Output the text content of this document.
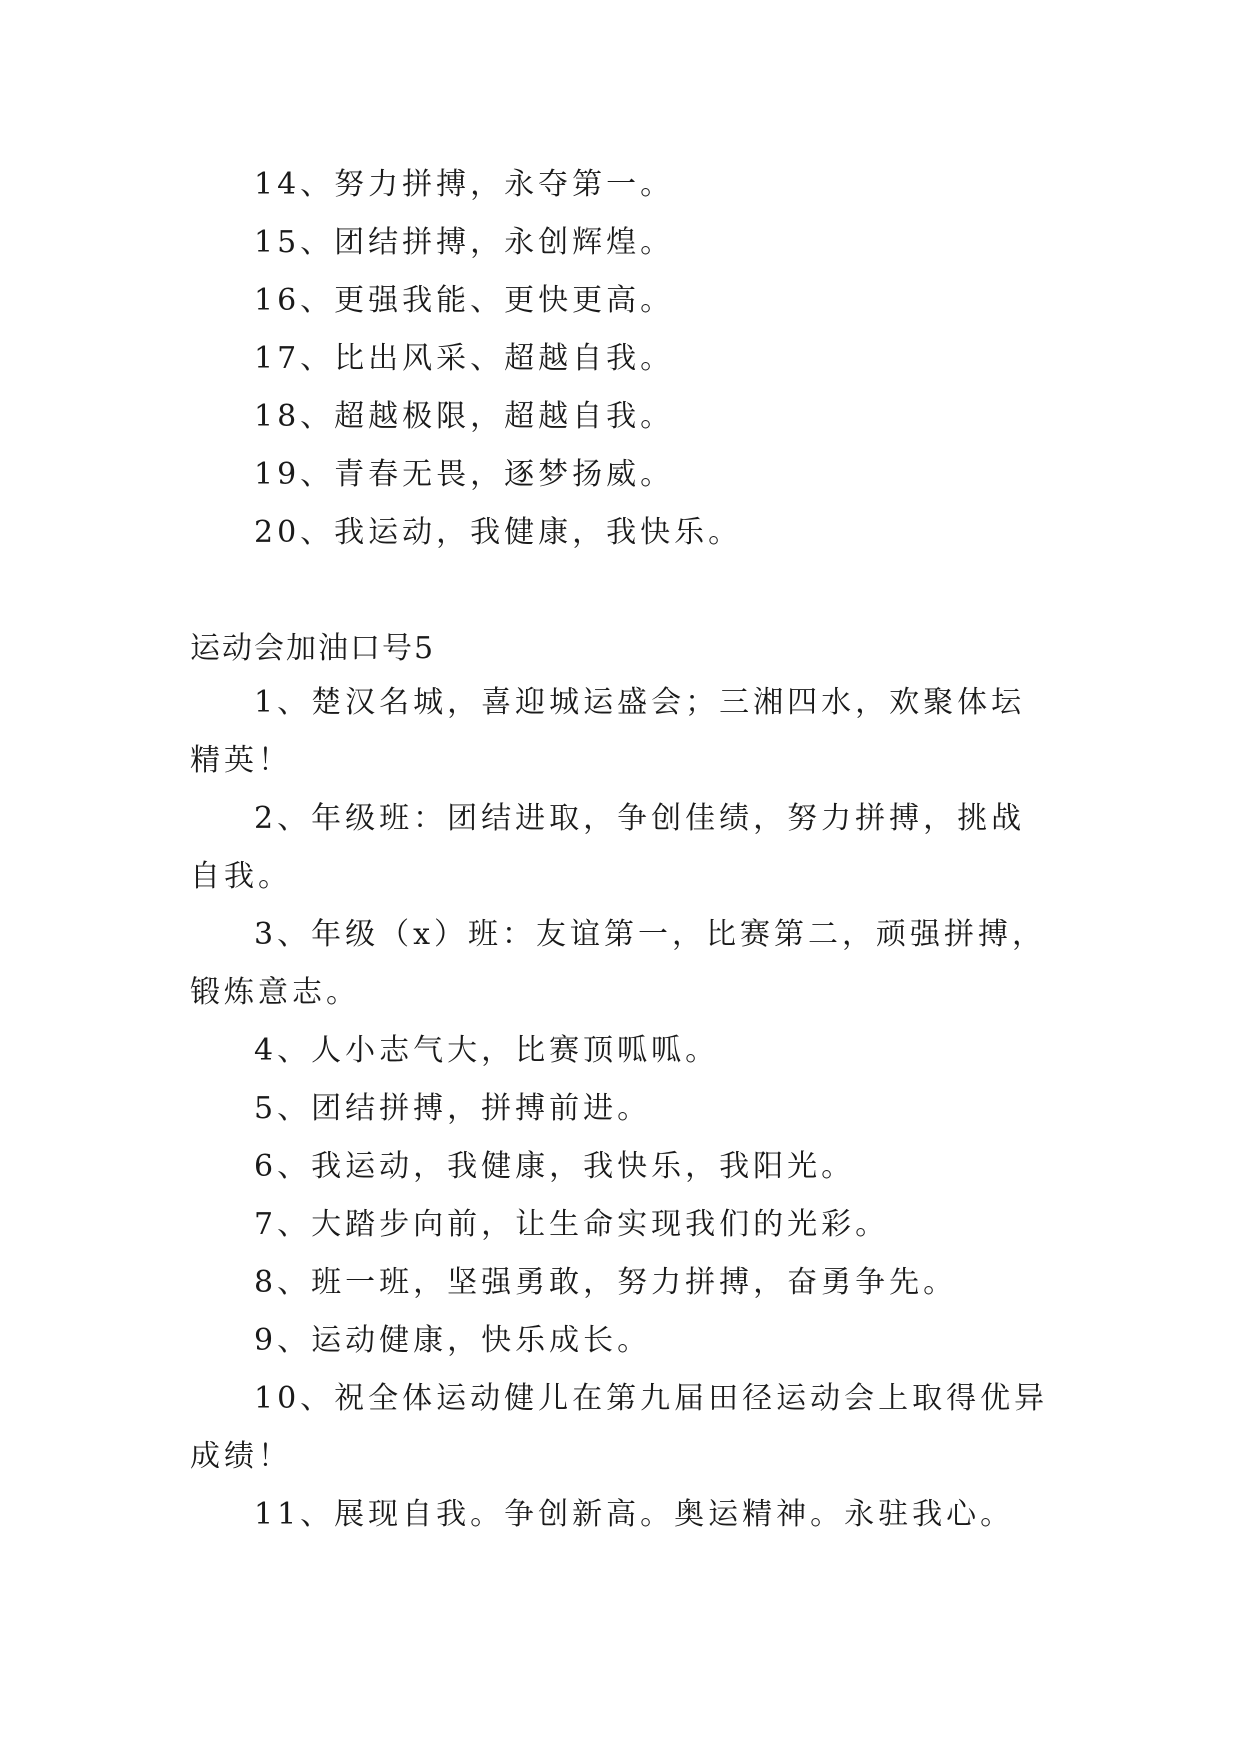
14、努力拼搏，永夺第一。
15、团结拼搏，永创辉煌。
16、更强我能、更快更高。
17、比出风采、超越自我。
18、超越极限，超越自我。
19、青春无畏，逐梦扬威。
20、我运动，我健康，我快乐。
运动会加油口号5
1、楚汉名城，喜迎城运盛会；三湘四水，欢聚体坛精英！
2、年级班：团结进取，争创佳绩，努力拼搏，挑战自我。
3、年级（x）班：友谊第一，比赛第二，顽强拼搏，锻炼意志。
4、人小志气大，比赛顶呱呱。
5、团结拼搏，拼搏前进。
6、我运动，我健康，我快乐，我阳光。
7、大踏步向前，让生命实现我们的光彩。
8、班一班，坚强勇敢，努力拼搏，奋勇争先。
9、运动健康，快乐成长。
10、祝全体运动健儿在第九届田径运动会上取得优异成绩！
11、展现自我。争创新高。奥运精神。永驻我心。
